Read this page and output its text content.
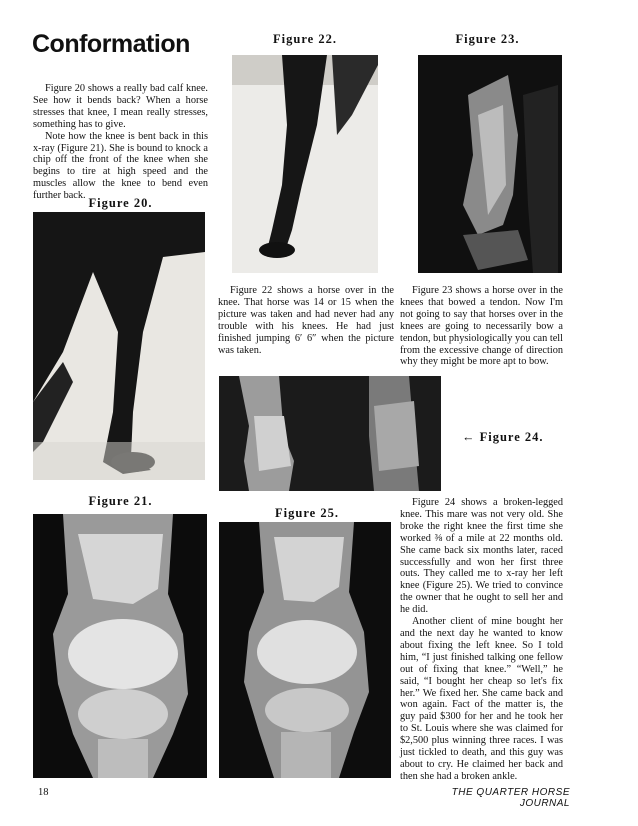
Conformation

Figure 20 shows a really bad calf knee. See how it bends back? When a horse stresses that knee, I mean really stresses, something has to give.

Note how the knee is bent back in this x-ray (Figure 21). She is bound to knock a chip off the front of the knee when she begins to tire at high speed and the muscles allow the knee to bend even further back.

Figure 20.
Figure 21.
Figure 22.	Figure 23.

Figure 22 shows a horse over in the knee. That horse was 14 or 15 when the picture was taken and had never had any trouble with his knees. He had just finished jumping 6′ 6″ when the picture was taken.

Figure 23 shows a horse over in the knees that bowed a tendon. Now I'm not going to say that horses over in the knees are going to necessarily bow a tendon, but physiologically you can tell from the excessive change of direction why they might be more apt to bow.

← Figure 24.
Figure 25.

Figure 24 shows a broken-legged knee. This mare was not very old. She broke the right knee the first time she worked ⅜ of a mile at 22 months old. She came back six months later, raced successfully and won her first three outs. They called me to x-ray her left knee (Figure 25). We tried to convince the owner that he ought to sell her and he did.

Another client of mine bought her and the next day he wanted to know about fixing the left knee. So I told him, “I just finished talking one fellow out of fixing that knee.” “Well,” he said, “I bought her cheap so let's fix her.” We fixed her. She came back and won again. Fact of the matter is, the guy paid $300 for her and he took her to St. Louis where she was claimed for $2,500 plus winning three races. I was just tickled to death, and this guy was about to cry. He claimed her back and then she had a broken ankle.

18	THE QUARTER HORSE JOURNAL
